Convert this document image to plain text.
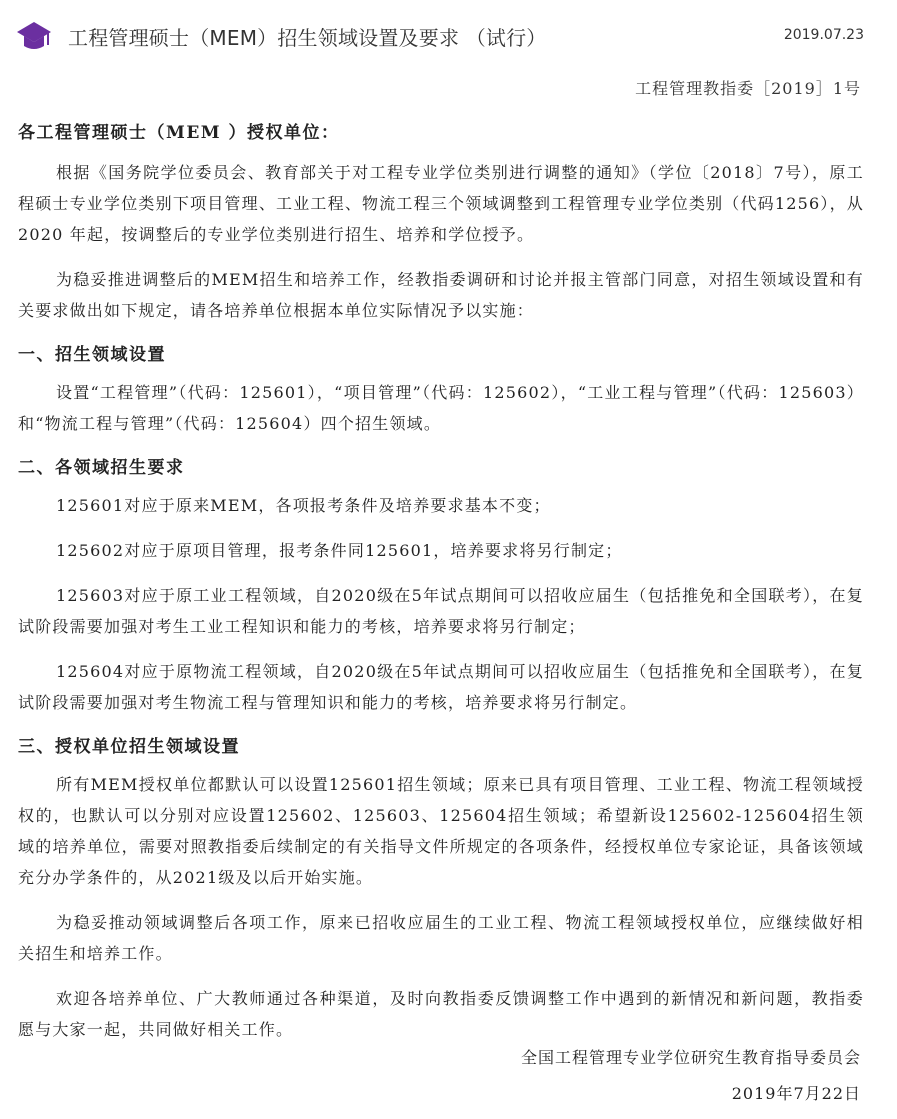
工程管理硕士（MEM）招生领域设置及要求 （试行）	2019.07.23
工程管理教指委［2019］1号
各工程管理硕士（MEM ）授权单位：

根据《国务院学位委员会、教育部关于对工程专业学位类别进行调整的通知》（学位〔2018〕7号），原工程硕士专业学位类别下项目管理、工业工程、物流工程三个领域调整到工程管理专业学位类别（代码1256），从 2020 年起，按调整后的专业学位类别进行招生、培养和学位授予。

为稳妥推进调整后的MEM招生和培养工作，经教指委调研和讨论并报主管部门同意，对招生领域设置和有关要求做出如下规定，请各培养单位根据本单位实际情况予以实施：

一、招生领域设置

设置“工程管理”（代码：125601），“项目管理”（代码：125602），“工业工程与管理”（代码：125603）和“物流工程与管理”（代码：125604）四个招生领域。

二、各领域招生要求

125601对应于原来MEM，各项报考条件及培养要求基本不变；

125602对应于原项目管理，报考条件同125601，培养要求将另行制定；

125603对应于原工业工程领域，自2020级在5年试点期间可以招收应届生（包括推免和全国联考），在复试阶段需要加强对考生工业工程知识和能力的考核，培养要求将另行制定；

125604对应于原物流工程领域，自2020级在5年试点期间可以招收应届生（包括推免和全国联考），在复试阶段需要加强对考生物流工程与管理知识和能力的考核，培养要求将另行制定。

三、授权单位招生领域设置

所有MEM授权单位都默认可以设置125601招生领域；原来已具有项目管理、工业工程、物流工程领域授权的，也默认可以分别对应设置125602、125603、125604招生领域；希望新设125602-125604招生领域的培养单位，需要对照教指委后续制定的有关指导文件所规定的各项条件，经授权单位专家论证，具备该领域充分办学条件的，从2021级及以后开始实施。

为稳妥推动领域调整后各项工作，原来已招收应届生的工业工程、物流工程领域授权单位，应继续做好相关招生和培养工作。

欢迎各培养单位、广大教师通过各种渠道，及时向教指委反馈调整工作中遇到的新情况和新问题，教指委愿与大家一起，共同做好相关工作。

全国工程管理专业学位研究生教育指导委员会
2019年7月22日
